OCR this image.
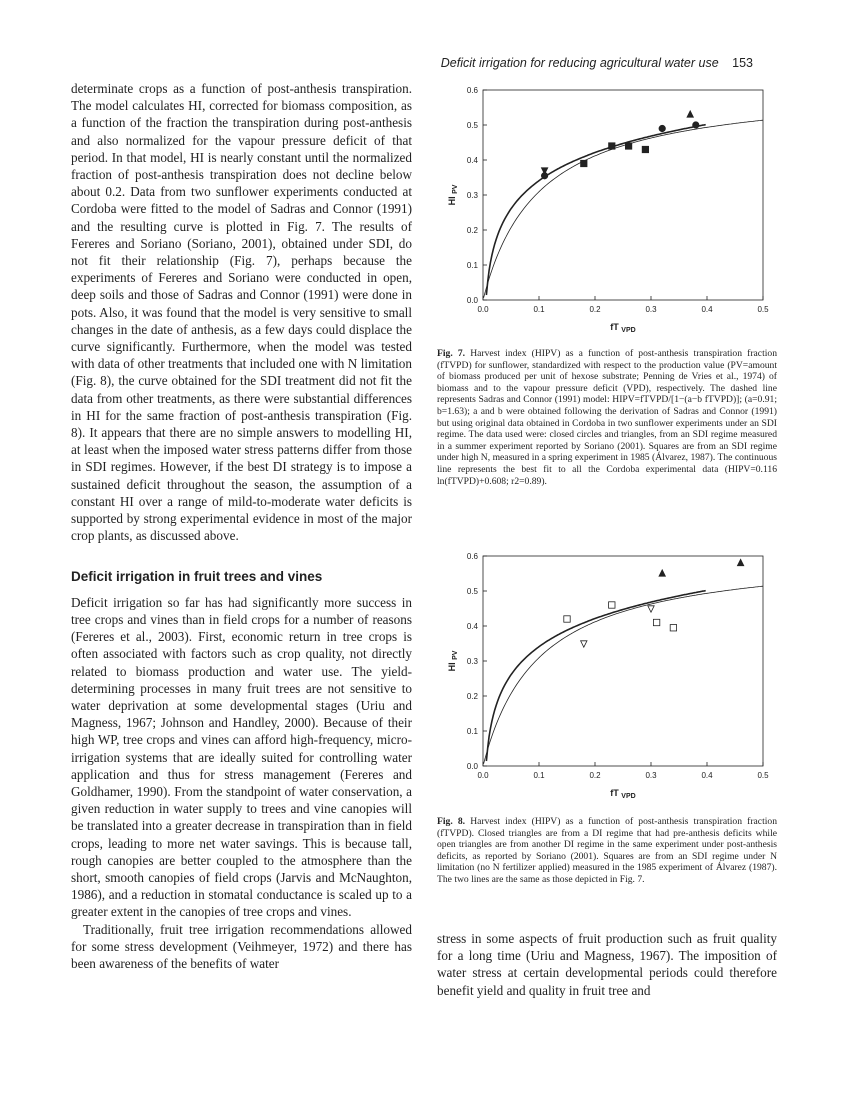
Deficit irrigation for reducing agricultural water use 153

determinate crops as a function of post-anthesis transpiration. The model calculates HI, corrected for biomass composition, as a function of the fraction the transpiration during post-anthesis and also normalized for the vapour pressure deficit of that period. In that model, HI is nearly constant until the normalized fraction of post-anthesis transpiration does not decline below about 0.2. Data from two sunflower experiments conducted at Cordoba were fitted to the model of Sadras and Connor (1991) and the resulting curve is plotted in Fig. 7. The results of Fereres and Soriano (Soriano, 2001), obtained under SDI, do not fit their relationship (Fig. 7), perhaps because the experiments of Fereres and Soriano were conducted in open, deep soils and those of Sadras and Connor (1991) were done in pots. Also, it was found that the model is very sensitive to small changes in the date of anthesis, as a few days could displace the curve significantly. Furthermore, when the model was tested with data of other treatments that included one with N limitation (Fig. 8), the curve obtained for the SDI treatment did not fit the data from other treatments, as there were substantial differences in HI for the same fraction of post-anthesis transpiration (Fig. 8). It appears that there are no simple answers to modelling HI, at least when the imposed water stress patterns differ from those in SDI regimes. However, if the best DI strategy is to impose a sustained deficit throughout the season, the assumption of a constant HI over a range of mild-to-moderate water deficits is supported by strong experimental evidence in most of the major crop plants, as discussed above.

Deficit irrigation in fruit trees and vines

Deficit irrigation so far has had significantly more success in tree crops and vines than in field crops for a number of reasons (Fereres et al., 2003). First, economic return in tree crops is often associated with factors such as crop quality, not directly related to biomass production and water use. The yield-determining processes in many fruit trees are not sensitive to water deprivation at some developmental stages (Uriu and Magness, 1967; Johnson and Handley, 2000). Because of their high WP, tree crops and vines can afford high-frequency, micro-irrigation systems that are ideally suited for controlling water application and thus for stress management (Fereres and Goldhamer, 1990). From the standpoint of water conservation, a given reduction in water supply to trees and vine canopies will be translated into a greater decrease in transpiration than in field crops, leading to more net water savings. This is because tall, rough canopies are better coupled to the atmosphere than the short, smooth canopies of field crops (Jarvis and McNaughton, 1986), and a reduction in stomatal conductance is scaled up to a greater extent in the canopies of tree crops and vines.

Traditionally, fruit tree irrigation recommendations allowed for some stress development (Veihmeyer, 1972) and there has been awareness of the benefits of water

0.0	0.1	0.2	0.3	0.4	0.5
0.0
0.1
0.2
0.3
0.4
0.5
0.6
fT $_{VPD}$
HI $_{PV}$
Fig. 7. Harvest index (HIPV) as a function of post-anthesis transpiration fraction (fTVPD) for sunflower, standardized with respect to the production value (PV=amount of biomass produced per unit of hexose substrate; Penning de Vries et al., 1974) of biomass and to the vapour pressure deficit (VPD), respectively. The dashed line represents Sadras and Connor (1991) model: HIPV=fTVPD/[1−(a−b fTVPD)]; (a=0.91; b=1.63); a and b were obtained following the derivation of Sadras and Connor (1991) but using original data obtained in Cordoba in two sunflower experiments under an SDI regime. The data used were: closed circles and triangles, from an SDI regime measured in a summer experiment reported by Soriano (2001). Squares are from an SDI regime under high N, measured in a spring experiment in 1985 (Álvarez, 1987). The continuous line represents the best fit to all the Cordoba experimental data (HIPV=0.116 ln(fTVPD)+0.608; r2=0.89).
0.0	0.1	0.2	0.3	0.4	0.5
0.0
0.1
0.2
0.3
0.4
0.5
0.6
fT $_{VPD}$
HI $_{PV}$
Fig. 8. Harvest index (HIPV) as a function of post-anthesis transpiration fraction (fTVPD). Closed triangles are from a DI regime that had pre-anthesis deficits while open triangles are from another DI regime in the same experiment under post-anthesis deficits, as reported by Soriano (2001). Squares are from an SDI regime under N limitation (no N fertilizer applied) measured in the 1985 experiment of Álvarez (1987). The two lines are the same as those depicted in Fig. 7.

stress in some aspects of fruit production such as fruit quality for a long time (Uriu and Magness, 1967). The imposition of water stress at certain developmental periods could therefore benefit yield and quality in fruit tree and
